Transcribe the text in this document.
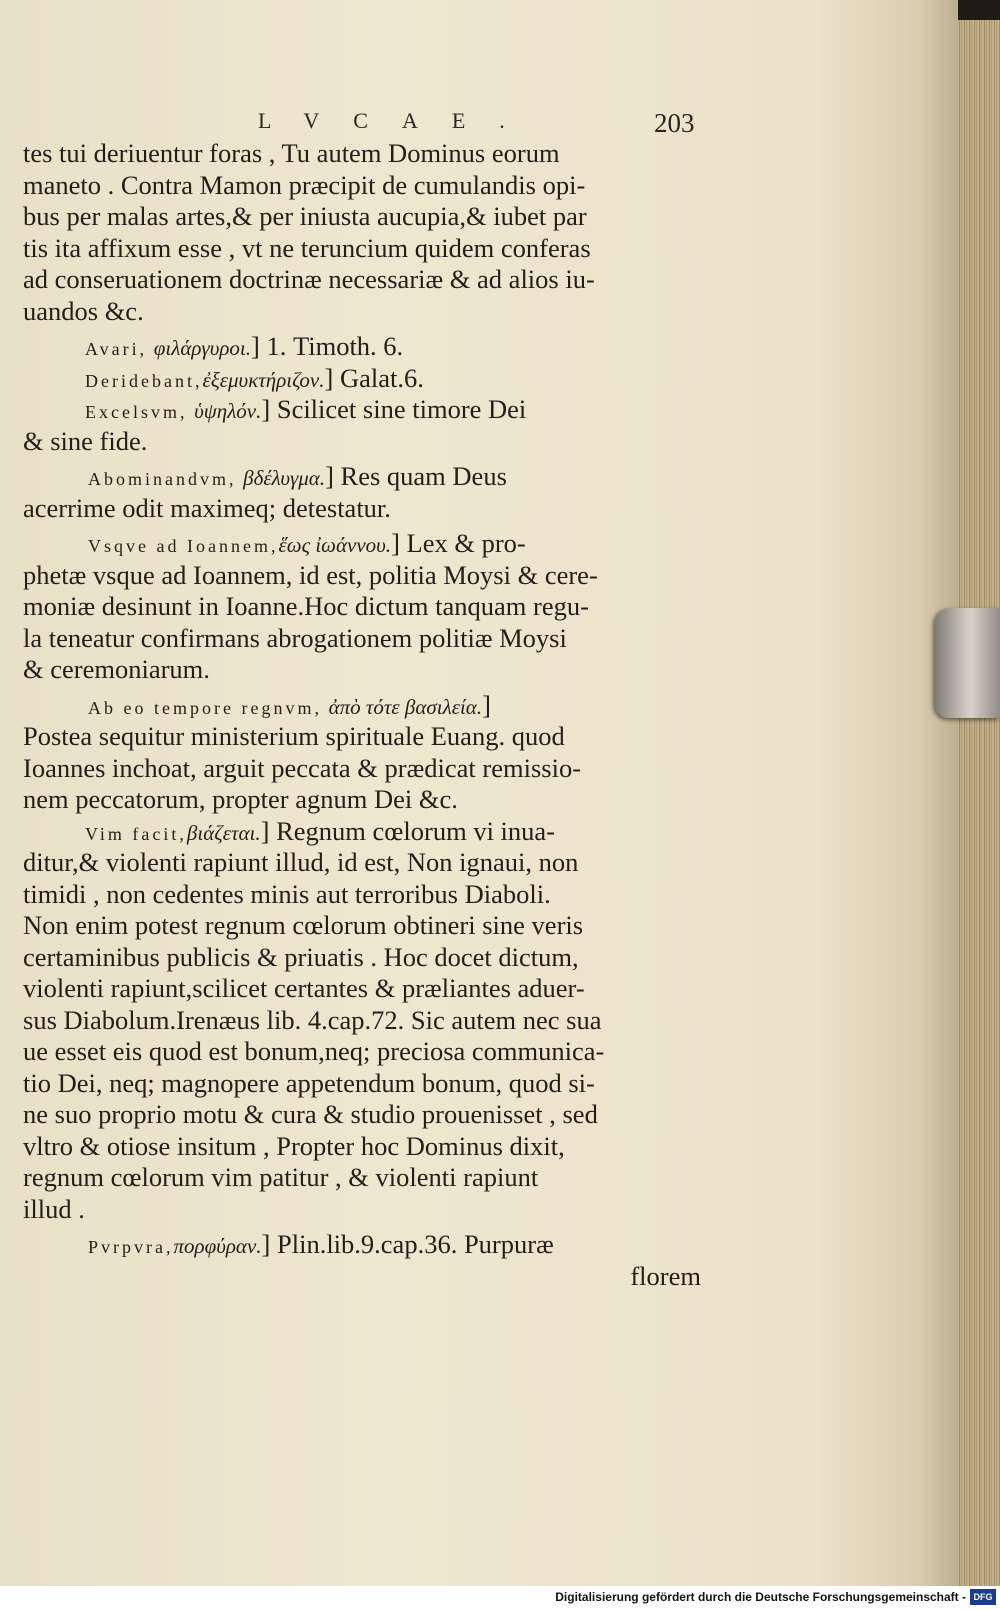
LVCAE.	203
tes tui deriuentur foras , Tu autem Dominus eorum
maneto . Contra Mamon præcipit de cumulandis opi-
bus per malas artes,& per iniusta aucupia,& iubet par
tis ita affixum esse , vt ne teruncium quidem conferas
ad conseruationem doctrinæ necessariæ & ad alios iu-
uandos &c.
Avari, φιλάργυροι.] 1. Timoth. 6.
Deridebant,ἐξεμυκτήριζον.] Galat.6.
Excelsvm, ὑψηλόν.] Scilicet sine timore Dei
& sine fide.
Abominandvm, βδέλυγμα.] Res quam Deus
acerrime odit maximeq; detestatur.
Vsqve ad Ioannem,ἕως ἰωάννου.] Lex & pro-
phetæ vsque ad Ioannem, id est, politia Moysi & cere-
moniæ desinunt in Ioanne.Hoc dictum tanquam regu-
la teneatur confirmans abrogationem politiæ Moysi
& ceremoniarum.
Ab eo tempore regnvm, ἀπὸ τότε βασιλεία.]
Postea sequitur ministerium spirituale Euang. quod
Ioannes inchoat, arguit peccata & prædicat remissio-
nem peccatorum, propter agnum Dei &c.
Vim facit,βιάζεται.] Regnum cœlorum vi inua-
ditur,& violenti rapiunt illud, id est, Non ignaui, non
timidi , non cedentes minis aut terroribus Diaboli.
Non enim potest regnum cœlorum obtineri sine veris
certaminibus publicis & priuatis . Hoc docet dictum,
violenti rapiunt,scilicet certantes & præliantes aduer-
sus Diabolum.Irenæus lib. 4.cap.72. Sic autem nec sua
ue esset eis quod est bonum,neq; preciosa communica-
tio Dei, neq; magnopere appetendum bonum, quod si-
ne suo proprio motu & cura & studio prouenisset , sed
vltro & otiose insitum , Propter hoc Dominus dixit,
regnum cœlorum vim patitur , & violenti rapiunt
illud .
Pvrpvra,πορφύραν.] Plin.lib.9.cap.36. Purpuræ
florem
Digitalisierung gefördert durch die Deutsche Forschungsgemeinschaft - DFG
